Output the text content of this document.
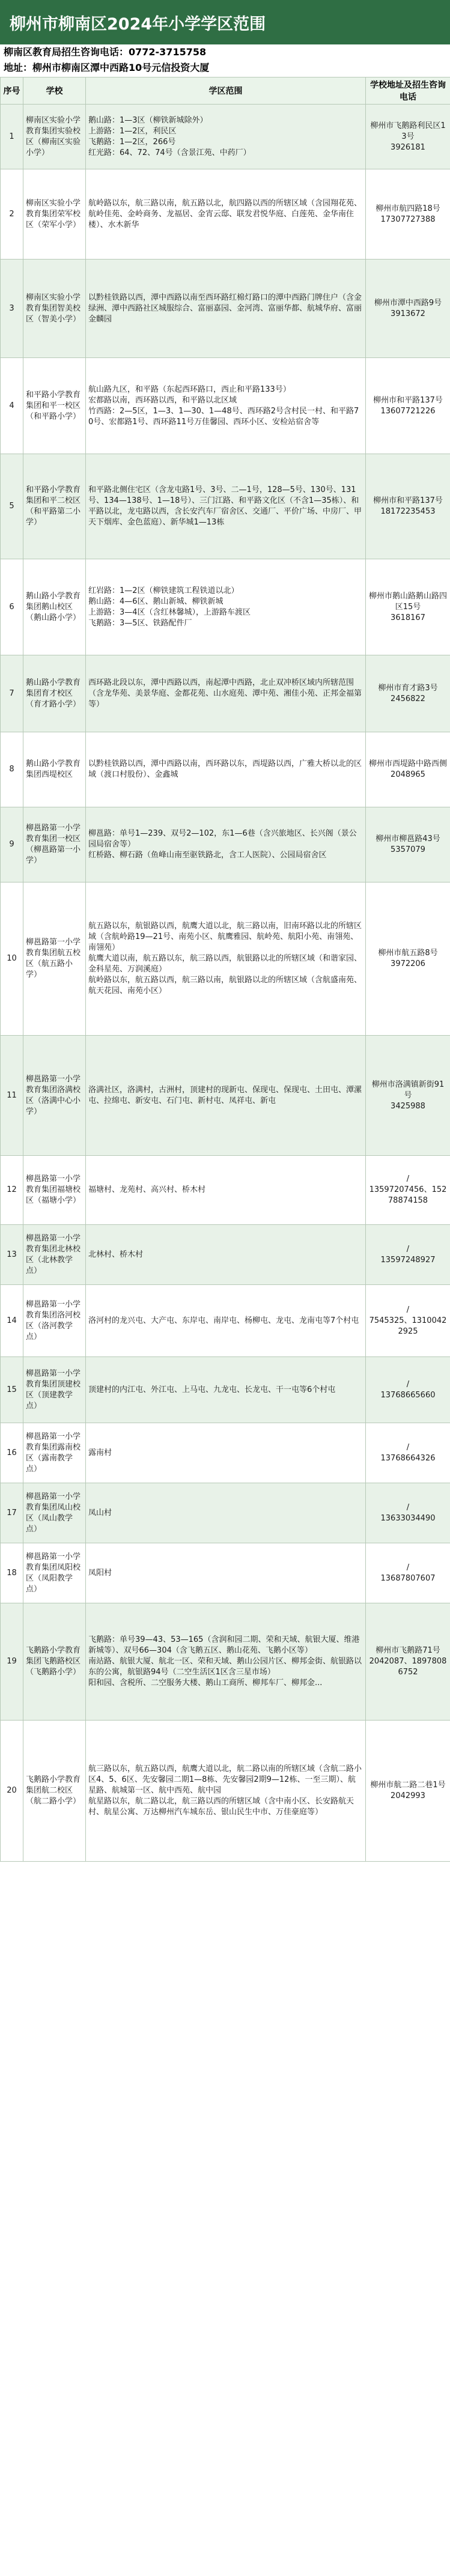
柳州市柳南区2024年小学学区范围
柳南区教育局招生咨询电话：0772-3715758
地址：柳州市柳南区潭中西路10号元信投资大厦
序号	学校	学区范围	学校地址及招生咨询电话
1	柳南区实验小学教育集团实验校区（柳南区实验小学）	鹅山路：1—3区（柳铁新城除外）
上游路：1—2区，利民区
飞鹅路：1—2区，266号
红光路：64、72、74号（含景江苑、中药厂）	柳州市飞鹅路利民区13号
3926181
2	柳南区实验小学教育集团荣军校区（荣军小学）	航岭路以东，航三路以南，航五路以北，航四路以西的所辖区域（含园翔花苑、航岭佳苑、金岭商务、龙福居、金宵云邸、联发君悦华庭、白莲苑、金华南住楼）、水木新华	柳州市航四路18号
17307727388
3	柳南区实验小学教育集团智美校区（智美小学）	以黔桂铁路以西，潭中西路以南至西环路红棉灯路口的潭中西路门牌住户（含金绿洲、潭中西路社区城服综合、富丽嘉园、金河湾、富丽华都、航城华府、富丽金麟园	柳州市潭中西路9号
3913672
4	和平路小学教育集团和平一校区（和平路小学）	航山路九区，和平路（东起西环路口，西止和平路133号）
宏都路以南，西环路以西，和平路以北区域
竹西路：2—5区，1—3、1—30、1—48号、西环路2号含村民一村、和平路70号、宏都路1号、西环路11号万佳馨园、西环小区、安检站宿舍等	柳州市和平路137号
13607721226
5	和平路小学教育集团和平二校区（和平路第二小学）	和平路北侧住宅区（含龙屯路1号、3号、二—1号，128—5号、130号、131号、134—138号、1—18号）、三门江路、和平路文化区（不含1—35栋）、和平路以北，龙屯路以西，含长安汽车厂宿舍区、交通厂、平价广场、中房厂、甲天下烟库、金色蓝庭）、新华城1—13栋	柳州市和平路137号
18172235453
6	鹅山路小学教育集团鹅山校区（鹅山路小学）	红岩路：1—2区（柳铁建筑工程铁道以北）
鹅山路：4—6区、鹅山新城、柳铁新城
上游路：3—4区（含红林馨城），上游路车渡区
飞鹅路：3—5区、铁路配件厂	柳州市鹅山路鹅山路四区15号
3618167
7	鹅山路小学教育集团育才校区（育才路小学）	西环路北段以东，潭中西路以西，南起潭中西路，北止双冲桥区域内所辖范围（含龙华苑、美景华庭、金都花苑、山水庭苑、潭中苑、湘佳小苑、正邦金福第等）	柳州市育才路3号
2456822
8	鹅山路小学教育集团西堤校区	以黔桂铁路以西，潭中西路以南，西环路以东，西堤路以西，广雅大桥以北的区域（渡口村股份）、金鑫城	柳州市西堤路中路西侧
2048965
9	柳邕路第一小学教育集团一校区（柳邕路第一小学）	柳邕路：单号1—239、双号2—102，东1—6巷（含兴旅地区、长兴阁（景公园局宿舍等）
红桥路、柳石路（鱼峰山南至驱铁路北，含工人医院）、公园局宿舍区	柳州市柳邕路43号
5357079
10	柳邕路第一小学教育集团航五校区（航五路小学）	航五路以东，航银路以西，航鹰大道以北，航三路以南，旧南环路以北的所辖区域（含航岭路19—21号、南苑小区、航鹰雅园、航岭苑、航阳小苑、南翎苑、南翎苑）
航鹰大道以南，航五路以东，航三路以西，航银路以北的所辖区域（和谐家园、金科星苑、万润溪庭）
航岭路以东，航五路以西，航三路以南，航银路以北的所辖区域（含航盛南苑、航天花园、南苑小区）	柳州市航五路8号
3972206
11	柳邕路第一小学教育集团洛满校区（洛满中心小学）	洛满社区，洛满村，古洲村，顶建村的现新屯、保现屯、保现屯、土田屯、潭漯屯、拉绵屯、新安屯、石门屯、新村屯、凤祥屯、新屯	柳州市洛满镇新街91号
3425988
12	柳邕路第一小学教育集团福塘校区（福塘小学）	福塘村、龙苑村、高兴村、桥木村	/
13597207456、15278874158
13	柳邕路第一小学教育集团北林校区（北林教学点）	北林村、桥木村	/
13597248927
14	柳邕路第一小学教育集团洛河校区（洛河教学点）	洛河村的龙兴屯、大产屯、东岸屯、南岸屯、杨柳屯、龙屯、龙南屯等7个村屯	/
7545325、13100422925
15	柳邕路第一小学教育集团顶建校区（顶建教学点）	顶建村的内江屯、外江屯、上马屯、九龙屯、长龙屯、干一屯等6个村屯	/
13768665660
16	柳邕路第一小学教育集团露南校区（露南教学点）	露南村	/
13768664326
17	柳邕路第一小学教育集团凤山校区（凤山教学点）	凤山村	/
13633034490
18	柳邕路第一小学教育集团凤阳校区（凤阳教学点）	凤阳村	/
13687807607
19	飞鹅路小学教育集团飞鹅路校区（飞鹅路小学）	飞鹅路：单号39—43、53—165（含润和园二期、荣和天域、航银大厦、维港新城等）、双号66—304（含飞鹅五区、鹅山花苑、飞鹅小区等）
南站路、航银大厦、航北一区、荣和天域、鹅山公园片区、柳邦金街、航银路以东的公寓，航银路94号（二空生活区1区含三星市场）
阳和园、含税所、二空服务大楼、鹅山工商所、柳邦车厂、柳邦金...	柳州市飞鹅路71号
2042087、18978086752
20	飞鹅路小学教育集团航二校区（航二路小学）	航三路以东，航五路以西，航鹰大道以北，航二路以南的所辖区域（含航二路小区4、5、6区、先安馨园二期1—8栋、先安馨园2期9—12栋、一至三期）、航星路、航城第一区、航中西苑、航中园
航星路以东，航二路以北，航三路以西的所辖区域（含中南小区、长安路航天村、航星公寓、万达柳州汽车城东岳、银山民生中市、万佳豪庭等）	柳州市航二路二巷1号
2042993
